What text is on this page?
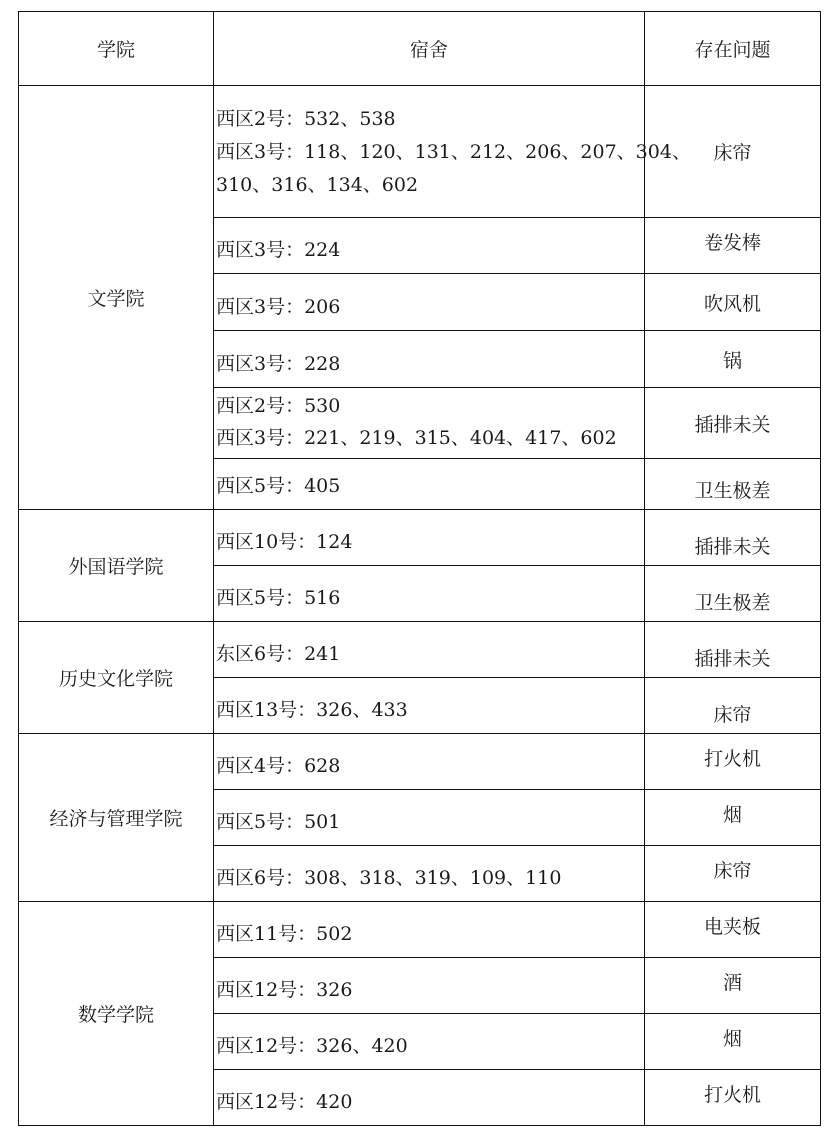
学院	宿舍	存在问题
文学院	西区2号：532、538
西区3号：118、120、131、212、206、207、304、
310、316、134、602	床帘

	西区3号：224	卷发棒

	西区3号：206	吹风机

	西区3号：228	锅

	西区2号：530
西区3号：221、219、315、404、417、602	插排未关

	西区5号：405	卫生极差
外国语学院	西区10号：124	插排未关

	西区5号：516	卫生极差
历史文化学院	东区6号：241	插排未关

	西区13号：326、433	床帘
经济与管理学院	西区4号：628	打火机

	西区5号：501	烟

	西区6号：308、318、319、109、110	床帘
数学学院	西区11号：502	电夹板

	西区12号：326	酒

	西区12号：326、420	烟

	西区12号：420	打火机
